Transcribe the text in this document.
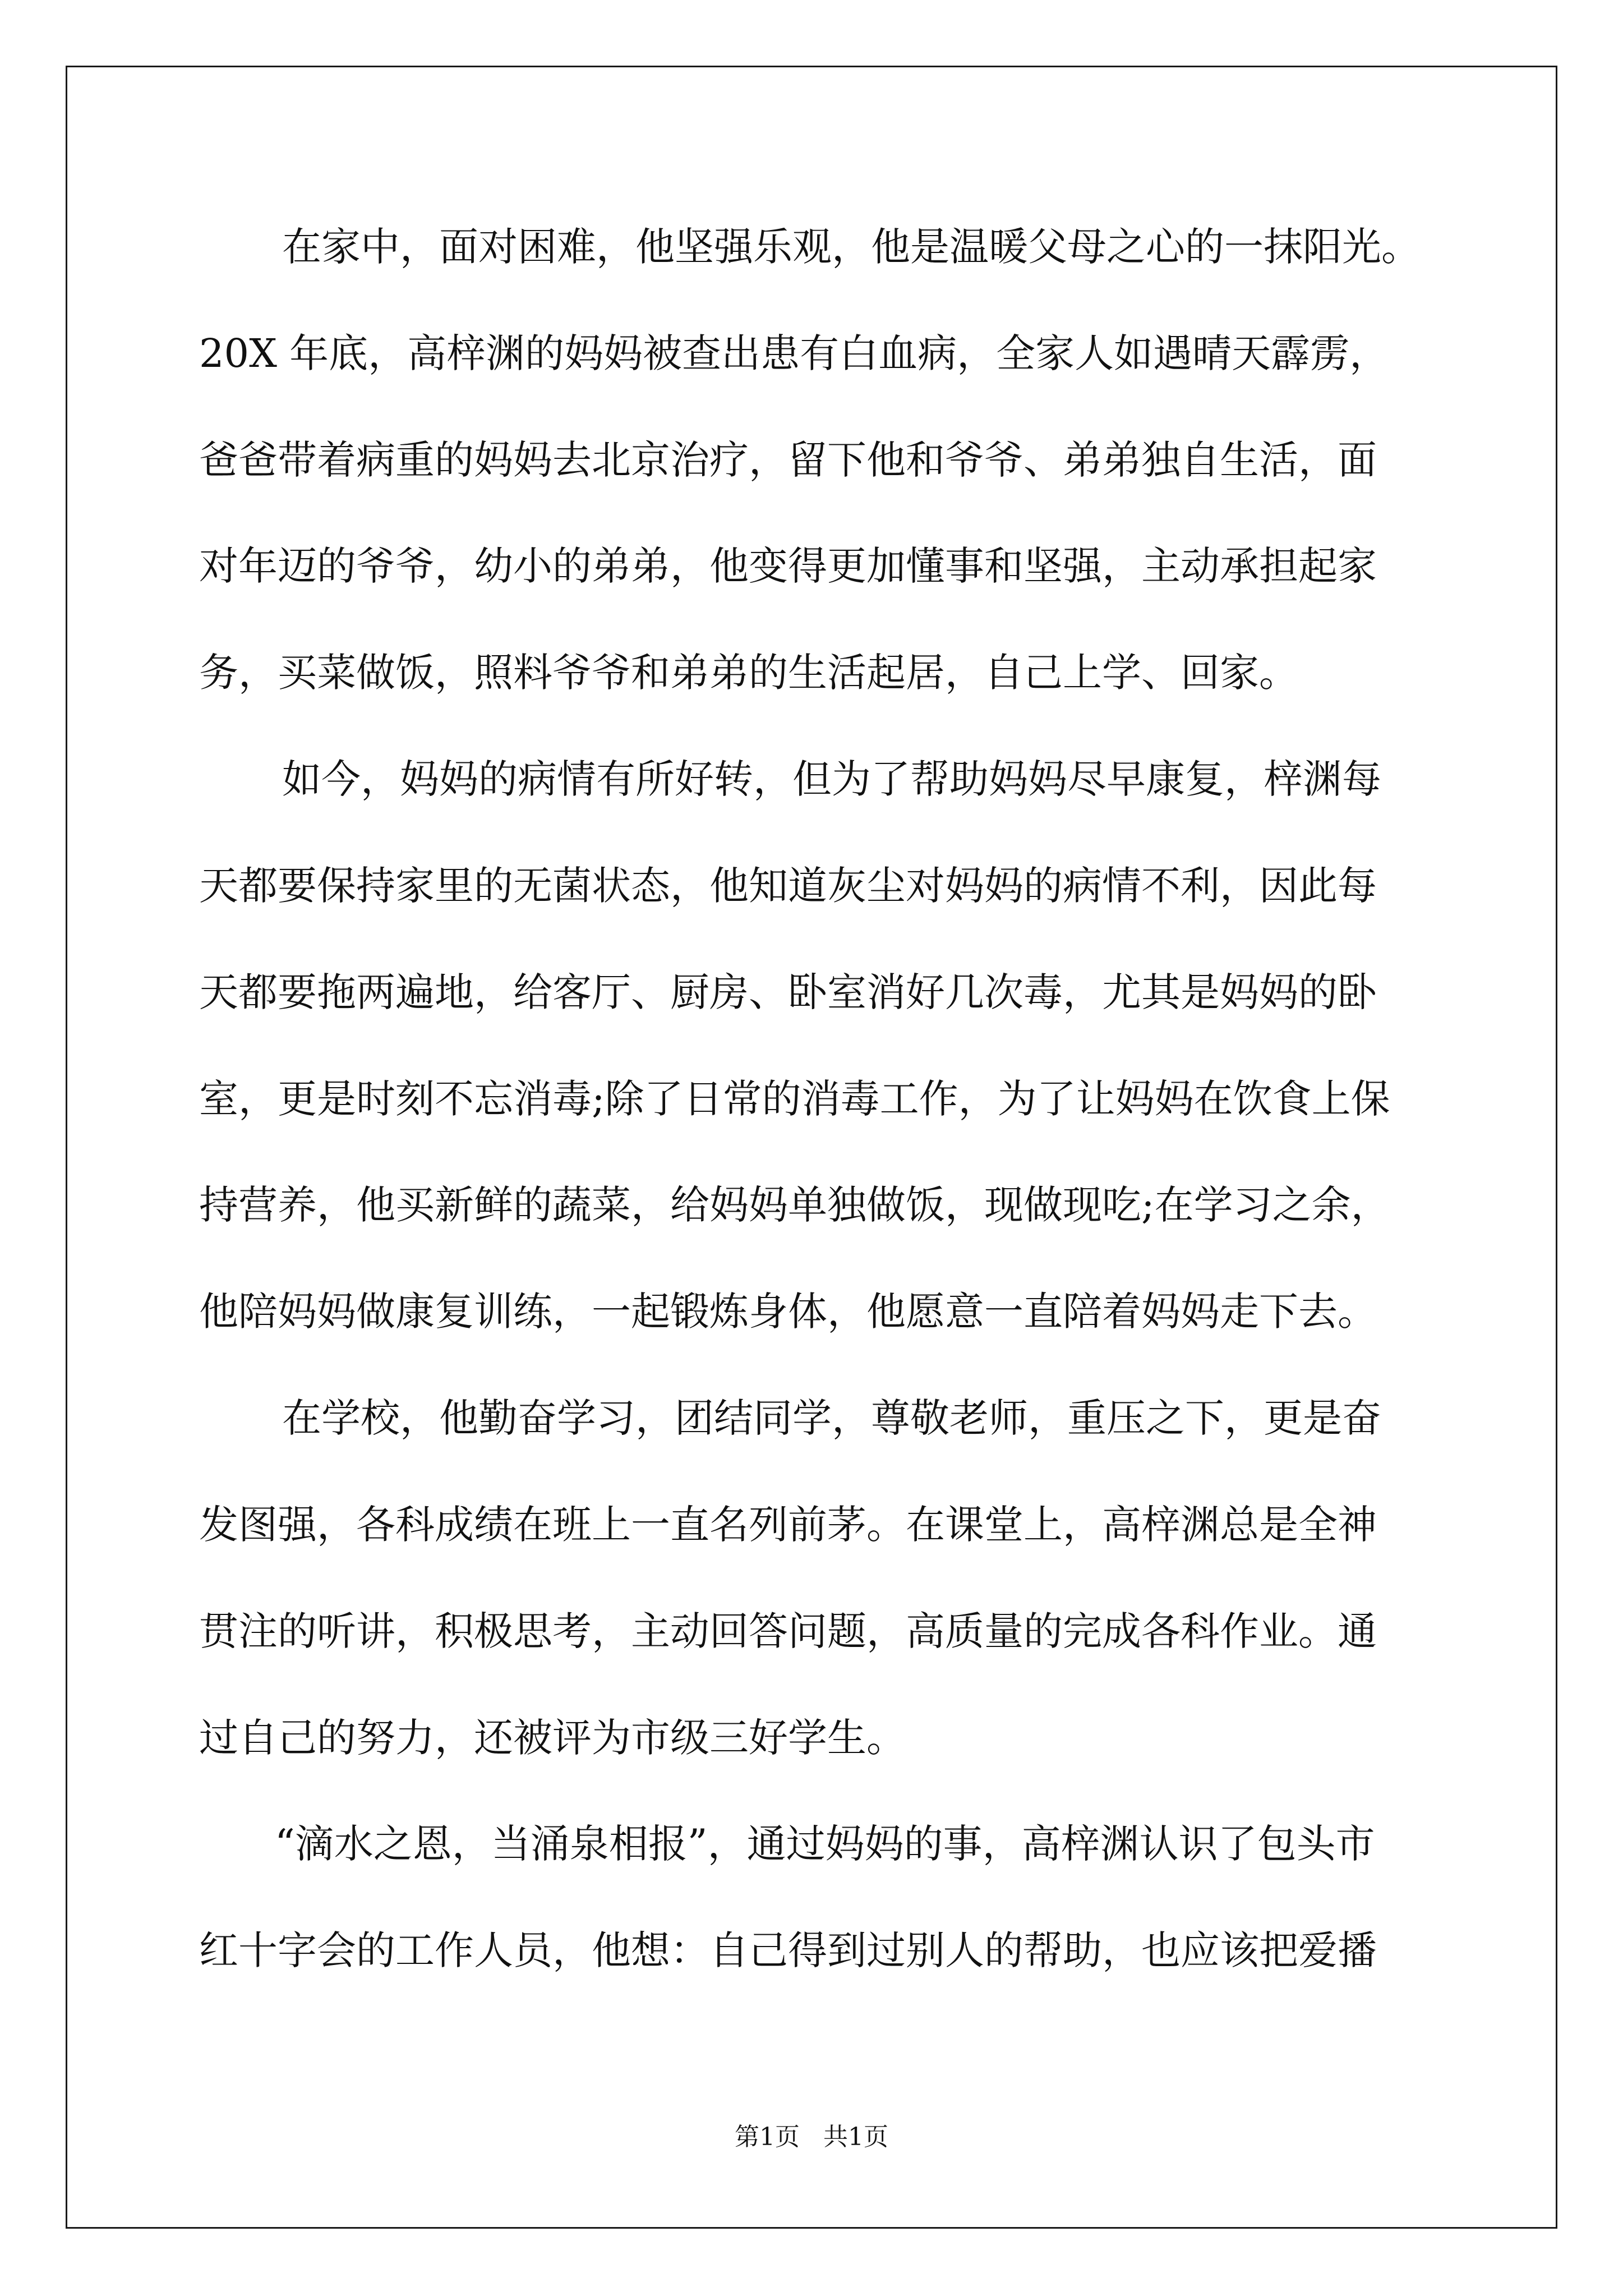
在家中，面对困难，他坚强乐观，他是温暖父母之心的一抹阳光。

20X 年底，高梓渊的妈妈被查出患有白血病，全家人如遇晴天霹雳，

爸爸带着病重的妈妈去北京治疗，留下他和爷爷、弟弟独自生活，面

对年迈的爷爷，幼小的弟弟，他变得更加懂事和坚强，主动承担起家

务，买菜做饭，照料爷爷和弟弟的生活起居，自己上学、回家。

如今，妈妈的病情有所好转，但为了帮助妈妈尽早康复，梓渊每

天都要保持家里的无菌状态，他知道灰尘对妈妈的病情不利，因此每

天都要拖两遍地，给客厅、厨房、卧室消好几次毒，尤其是妈妈的卧

室，更是时刻不忘消毒;除了日常的消毒工作，为了让妈妈在饮食上保

持营养，他买新鲜的蔬菜，给妈妈单独做饭，现做现吃;在学习之余，

他陪妈妈做康复训练，一起锻炼身体，他愿意一直陪着妈妈走下去。

在学校，他勤奋学习，团结同学，尊敬老师，重压之下，更是奋

发图强，各科成绩在班上一直名列前茅。在课堂上，高梓渊总是全神

贯注的听讲，积极思考，主动回答问题，高质量的完成各科作业。通

过自己的努力，还被评为市级三好学生。

“滴水之恩，当涌泉相报”，通过妈妈的事，高梓渊认识了包头市

红十字会的工作人员，他想：自己得到过别人的帮助，也应该把爱播

第1页   共1页
